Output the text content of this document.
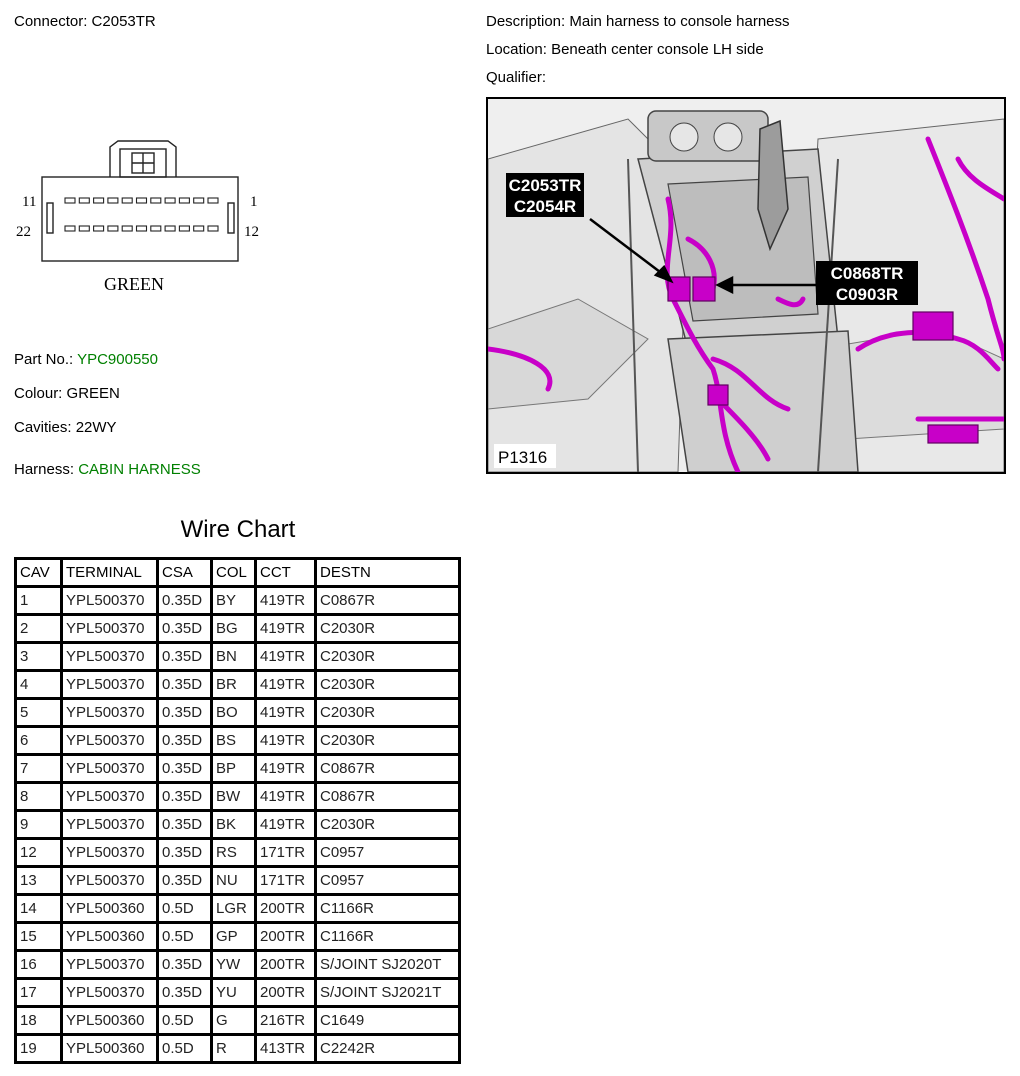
Connector: C2053TR	Description: Main harness to console harness
Location: Beneath center console LH side
Qualifier:
11
22
1
12
GREEN
C2053TR
C2054R
C0868TR
C0903R
P1316
Part No.: YPC900550
Colour: GREEN
Cavities: 22WY
Harness: CABIN HARNESS
Wire Chart
CAV	TERMINAL	CSA	COL	CCT	DESTN
1	YPL500370	0.35D	BY	419TR	C0867R
2	YPL500370	0.35D	BG	419TR	C2030R
3	YPL500370	0.35D	BN	419TR	C2030R
4	YPL500370	0.35D	BR	419TR	C2030R
5	YPL500370	0.35D	BO	419TR	C2030R
6	YPL500370	0.35D	BS	419TR	C2030R
7	YPL500370	0.35D	BP	419TR	C0867R
8	YPL500370	0.35D	BW	419TR	C0867R
9	YPL500370	0.35D	BK	419TR	C2030R
12	YPL500370	0.35D	RS	171TR	C0957
13	YPL500370	0.35D	NU	171TR	C0957
14	YPL500360	0.5D	LGR	200TR	C1166R
15	YPL500360	0.5D	GP	200TR	C1166R
16	YPL500370	0.35D	YW	200TR	S/JOINT SJ2020T
17	YPL500370	0.35D	YU	200TR	S/JOINT SJ2021T
18	YPL500360	0.5D	G	216TR	C1649
19	YPL500360	0.5D	R	413TR	C2242R
